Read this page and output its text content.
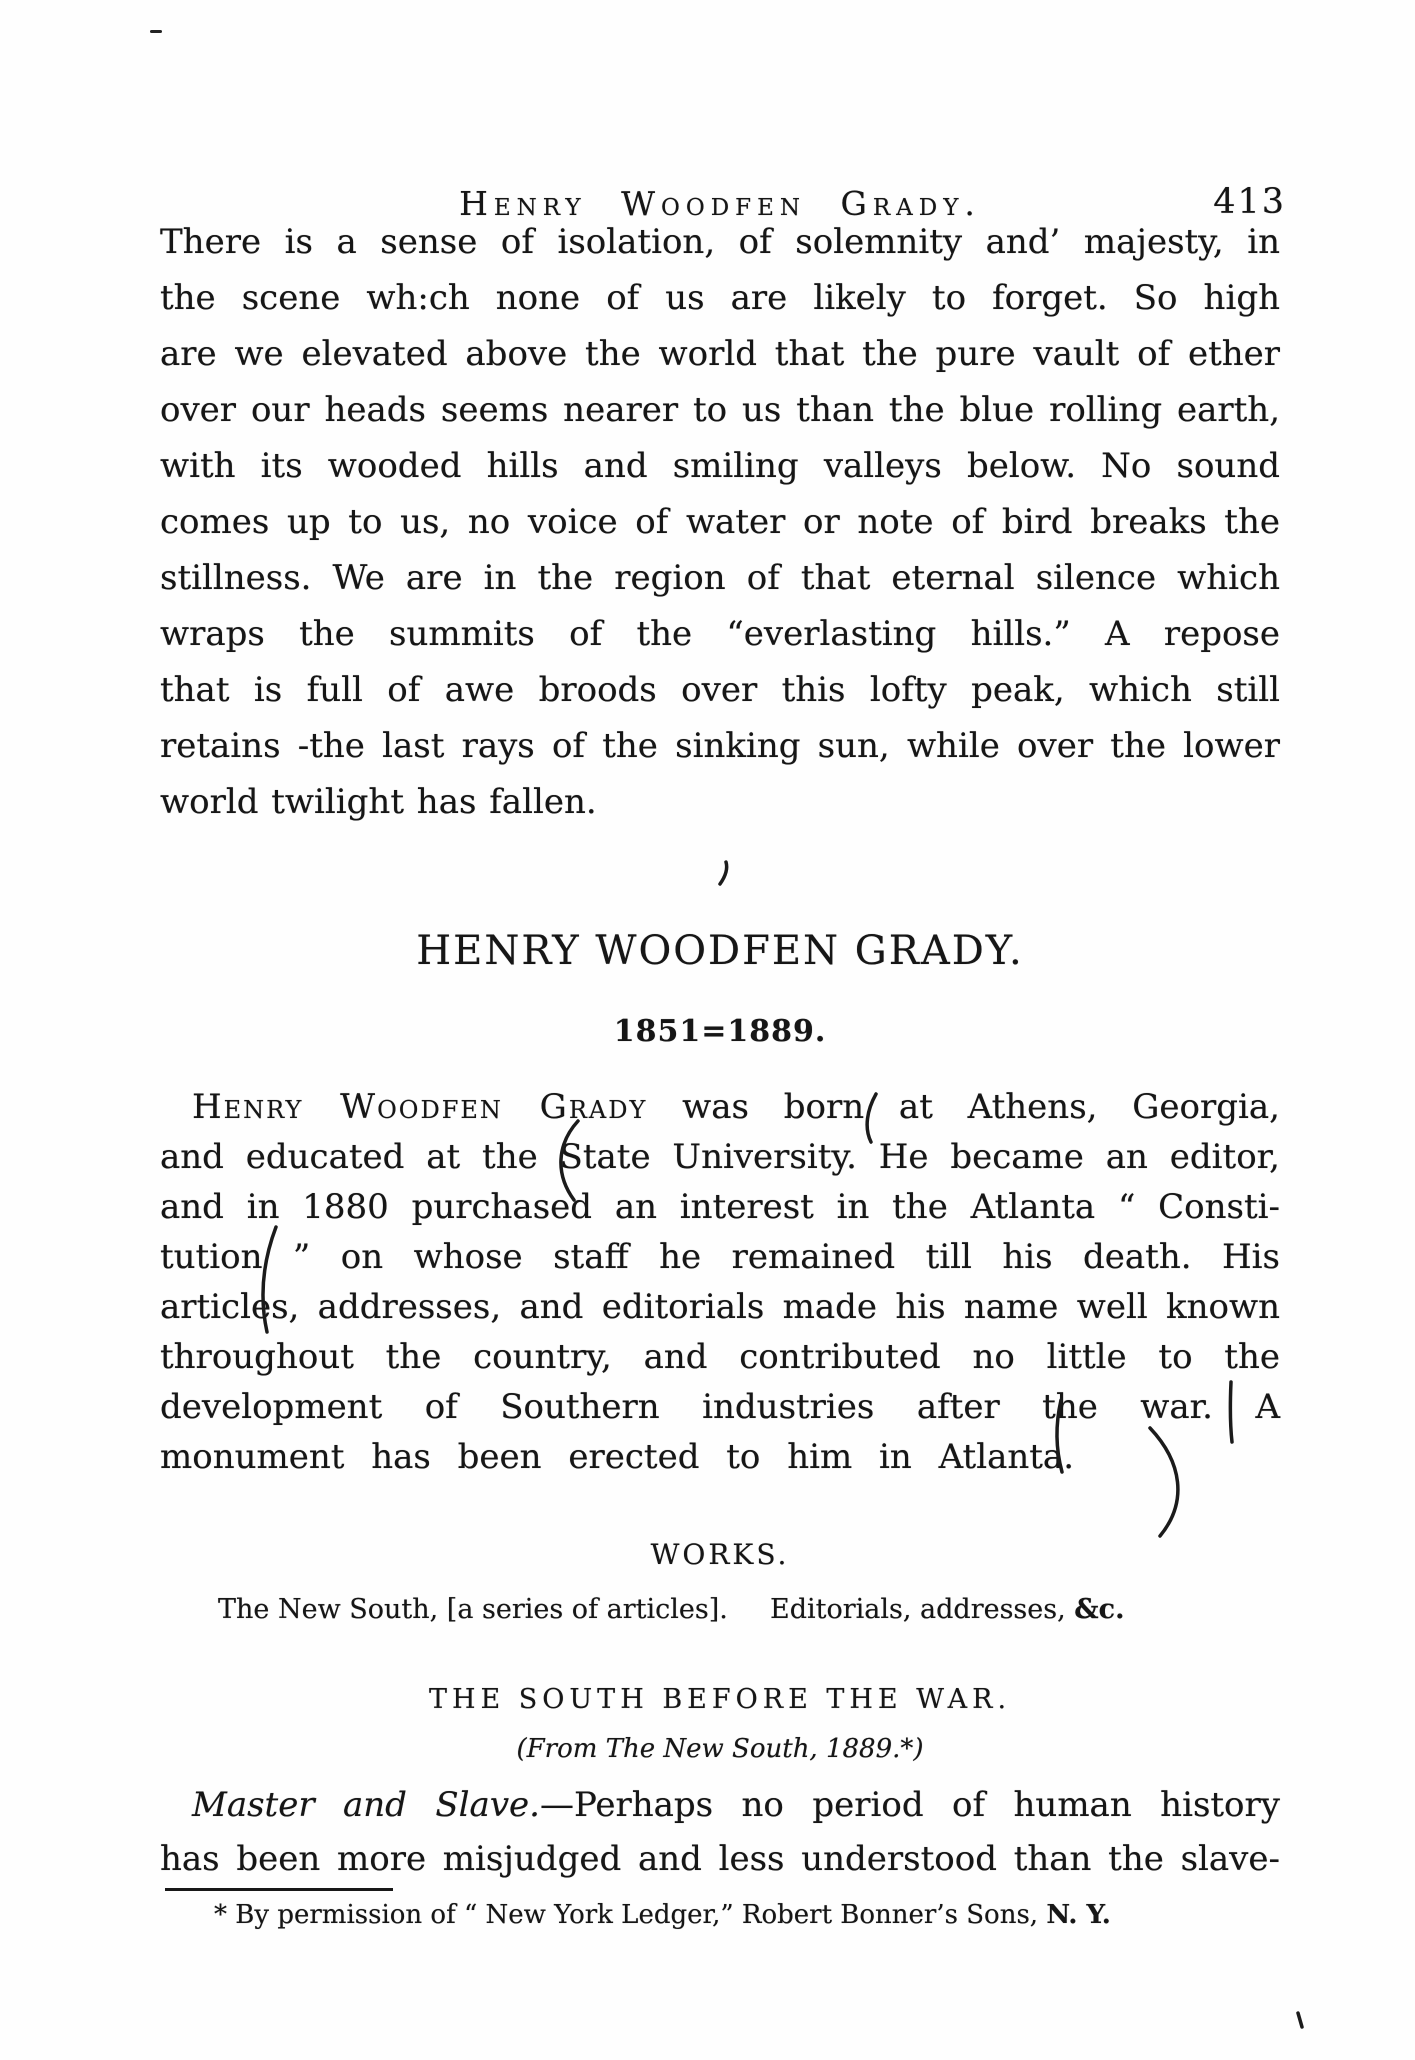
Henry Woodfen Grady.	413
There is a sense of isolation, of solemnity and’ majesty, in
the scene wh:ch none of us are likely to forget. So high
are we elevated above the world that the pure vault of ether
over our heads seems nearer to us than the blue rolling earth,
with its wooded hills and smiling valleys below. No sound
comes up to us, no voice of water or note of bird breaks the
stillness. We are in the region of that eternal silence which
wraps the summits of the “everlasting hills.” A repose
that is full of awe broods over this lofty peak, which still
retains -the last rays of the sinking sun, while over the lower
world twilight has fallen.
HENRY WOODFEN GRADY.
1851=1889.
Henry Woodfen Grady was born at Athens, Georgia,
and educated at the State University. He became an editor,
and in 1880 purchased an interest in the Atlanta “ Consti-
tution ” on whose staff he remained till his death. His
articles, addresses, and editorials made his name well known
throughout the country, and contributed no little to the
development of Southern industries after the war. A
monument has been erected to him in Atlanta.
WORKS.
The New South, [a series of articles]. Editorials, addresses, &c.
THE SOUTH BEFORE THE WAR.
(From The New South, 1889.*)
Master and Slave.—Perhaps no period of human history
has been more misjudged and less understood than the slave-
* By permission of “ New York Ledger,” Robert Bonner’s Sons, N. Y.
